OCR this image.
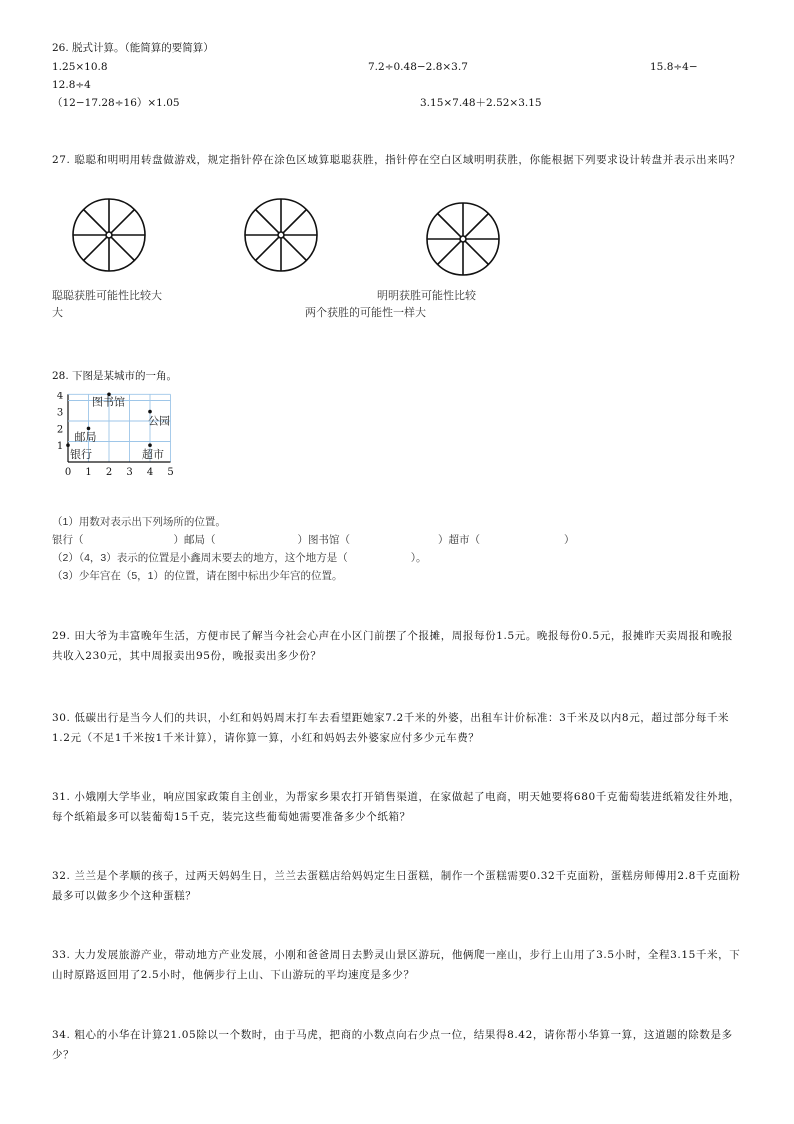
26. 脱式计算。（能简算的要简算）
1.25×10.8	7.2÷0.48−2.8×3.7	15.8÷4−
12.8÷4
（12−17.28÷16）×1.05	3.15×7.48＋2.52×3.15
27. 聪聪和明明用转盘做游戏，规定指针停在涂色区域算聪聪获胜，指针停在空白区域明明获胜，你能根据下列要求设计转盘并表示出来吗？
聪聪获胜可能性比较大	明明获胜可能性比较
大	两个获胜的可能性一样大
28. 下图是某城市的一角。
0 1 2 3 4 5
1
2
3
4	图书馆
公园
邮局
银行	超市
（1）用数对表示出下列场所的位置。
银行（	）邮局（	）图书馆（	）超市（	）
（2）（4，3）表示的位置是小鑫周末要去的地方，这个地方是（　　　　　　）。
（3）少年宫在（5，1）的位置，请在图中标出少年宫的位置。
29. 田大爷为丰富晚年生活，方便市民了解当今社会心声在小区门前摆了个报摊，周报每份1.5元。晚报每份0.5元，报摊昨天卖周报和晚报共收入230元，其中周报卖出95份，晚报卖出多少份？
30. 低碳出行是当今人们的共识，小红和妈妈周末打车去看望距她家7.2千米的外婆，出租车计价标准：3千米及以内8元，超过部分每千米1.2元（不足1千米按1千米计算），请你算一算，小红和妈妈去外婆家应付多少元车费？
31. 小娥刚大学毕业，响应国家政策自主创业，为帮家乡果农打开销售渠道，在家做起了电商，明天她要将680千克葡萄装进纸箱发往外地，每个纸箱最多可以装葡萄15千克，装完这些葡萄她需要准备多少个纸箱？
32. 兰兰是个孝顺的孩子，过两天妈妈生日，兰兰去蛋糕店给妈妈定生日蛋糕，制作一个蛋糕需要0.32千克面粉，蛋糕房师傅用2.8千克面粉最多可以做多少个这种蛋糕？
33. 大力发展旅游产业，带动地方产业发展，小刚和爸爸周日去黔灵山景区游玩，他俩爬一座山，步行上山用了3.5小时，全程3.15千米，下山时原路返回用了2.5小时，他俩步行上山、下山游玩的平均速度是多少？
34. 粗心的小华在计算21.05除以一个数时，由于马虎，把商的小数点向右少点一位，结果得8.42，请你帮小华算一算，这道题的除数是多少？
